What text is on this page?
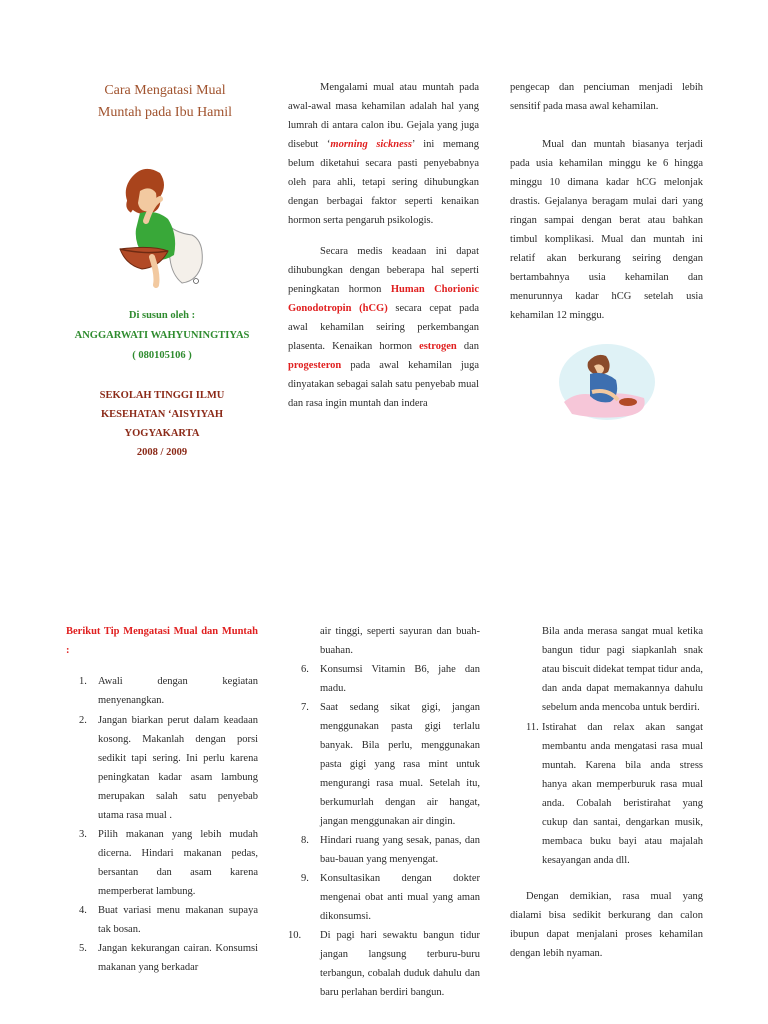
Cara Mengatasi Mual
Muntah pada Ibu Hamil
Di susun oleh :
ANGGARWATI WAHYUNINGTIYAS
( 080105106 )
SEKOLAH TINGGI ILMU
KESEHATAN ‘AISYIYAH
YOGYAKARTA
2008 / 2009

Mengalami mual atau muntah pada awal-awal masa kehamilan adalah hal yang lumrah di antara calon ibu. Gejala yang juga disebut ‘morning sickness’ ini memang belum diketahui secara pasti penyebabnya oleh para ahli, tetapi sering dihubungkan dengan berbagai faktor seperti kenaikan hormon serta pengaruh psikologis.

Secara medis keadaan ini dapat dihubungkan dengan beberapa hal seperti peningkatan hormon Human Chorionic Gonodotropin (hCG) secara cepat pada awal kehamilan seiring perkembangan plasenta. Kenaikan hormon estrogen dan progesteron pada awal kehamilan juga dinyatakan sebagai salah satu penyebab mual dan rasa ingin muntah dan indera

pengecap dan penciuman menjadi lebih sensitif pada masa awal kehamilan.

Mual dan muntah biasanya terjadi pada usia kehamilan minggu ke 6 hingga minggu 10 dimana kadar hCG melonjak drastis. Gejalanya beragam mulai dari yang ringan sampai dengan berat atau bahkan timbul komplikasi. Mual dan muntah ini relatif akan berkurang seiring dengan bertambahnya usia kehamilan dan menurunnya kadar hCG setelah usia kehamilan 12 minggu.

Berikut Tip Mengatasi Mual dan Muntah :
1. Awali dengan kegiatan menyenangkan.
2. Jangan biarkan perut dalam keadaan kosong. Makanlah dengan porsi sedikit tapi sering. Ini perlu karena peningkatan kadar asam lambung merupakan salah satu penyebab utama rasa mual .
3. Pilih makanan yang lebih mudah dicerna. Hindari makanan pedas, bersantan dan asam karena memperberat lambung.
4. Buat variasi menu makanan supaya tak bosan.
5. Jangan kekurangan cairan. Konsumsi makanan yang berkadar
air tinggi, seperti sayuran dan buah-buahan.
6. Konsumsi Vitamin B6, jahe dan madu.
7. Saat sedang sikat gigi, jangan menggunakan pasta gigi terlalu banyak. Bila perlu, menggunakan pasta gigi yang rasa mint untuk mengurangi rasa mual. Setelah itu, berkumurlah dengan air hangat, jangan menggunakan air dingin.
8. Hindari ruang yang sesak, panas, dan bau-bauan yang menyengat.
9. Konsultasikan dengan dokter mengenai obat anti mual yang aman dikonsumsi.
10. Di pagi hari sewaktu bangun tidur jangan langsung terburu-buru terbangun, cobalah duduk dahulu dan baru perlahan berdiri bangun.
Bila anda merasa sangat mual ketika bangun tidur pagi siapkanlah snak atau biscuit didekat tempat tidur anda, dan anda dapat memakannya dahulu sebelum anda mencoba untuk berdiri.
11. Istirahat dan relax akan sangat membantu anda mengatasi rasa mual muntah. Karena bila anda stress hanya akan memperburuk rasa mual anda. Cobalah beristirahat yang cukup dan santai, dengarkan musik, membaca buku bayi atau majalah kesayangan anda dll.
Dengan demikian, rasa mual yang dialami bisa sedikit berkurang dan calon ibupun dapat menjalani proses kehamilan dengan lebih nyaman.
